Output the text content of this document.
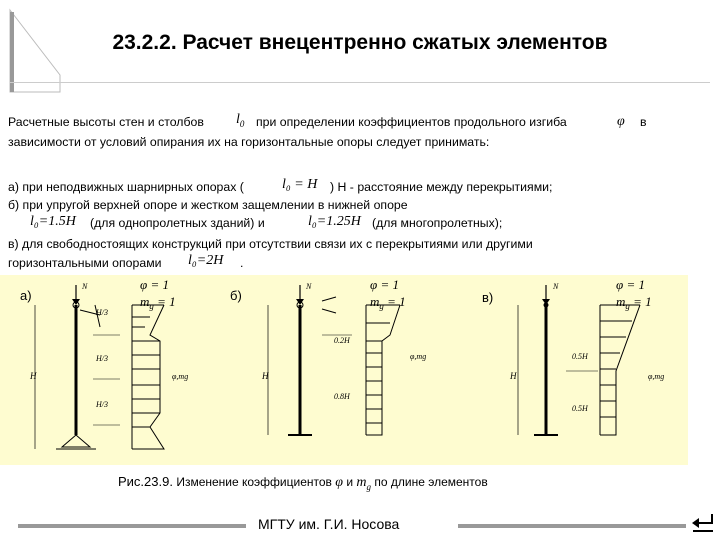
23.2.2. Расчет внецентренно сжатых элементов
Расчетные высоты стен и столбов $l_0$ при определении коэффициентов продольного изгиба	φ в
зависимости от условий опирания их на горизонтальные опоры следует принимать:
а) при неподвижных шарнирных опорах (	l₀ = H ) Н - расстояние между перекрытиями;
б) при упругой верхней опоре и жестком защемлении в нижней опоре
l₀=1.5H (для однопролетных зданий) и	l₀=1.25H (для многопролетных);
в) для свободностоящих конструкций при отсутствии связи их с перекрытиями или другими
горизонтальными опорами l₀=2H .
а)	б)	в)
N
H
H/3
H/3
H/3
φ,mg
φ = 1
$m_g = 1$
N
H
0.2H
0.8H
φ,mg
φ = 1
$m_g = 1$
N
H
0.5H
0.5H
φ,mg
φ = 1
$m_g = 1$
Рис.23.9. Изменение коэффициентов φ и $m_g$ по длине элементов
МГТУ им. Г.И. Носова
